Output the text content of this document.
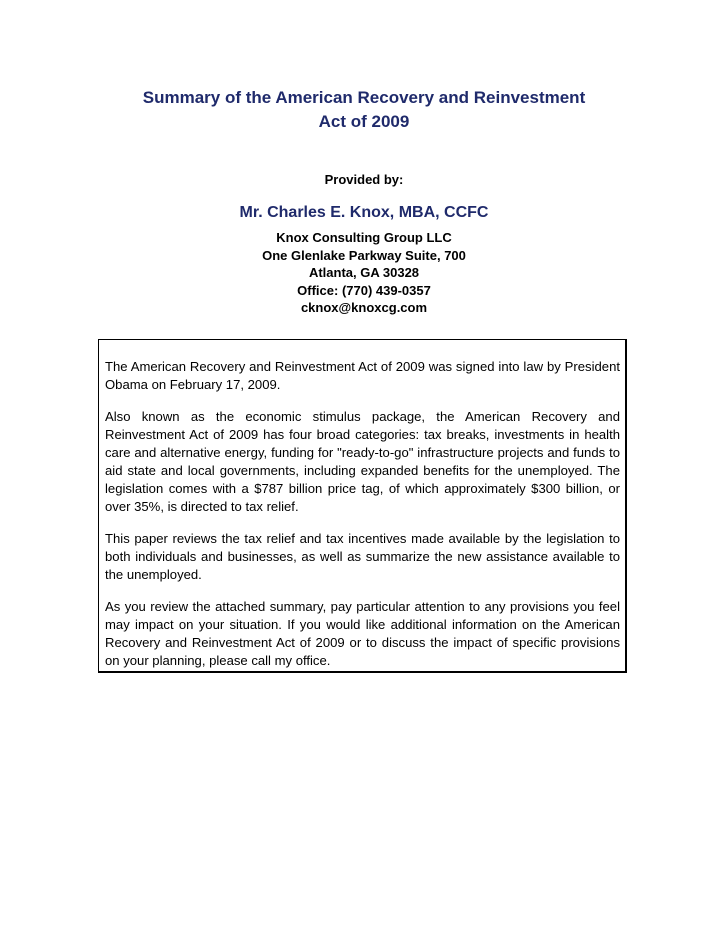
Summary of the American Recovery and Reinvestment
Act of 2009
Provided by:
Mr. Charles E. Knox, MBA, CCFC
Knox Consulting Group LLC
One Glenlake Parkway Suite, 700
Atlanta, GA 30328
Office: (770) 439-0357
cknox@knoxcg.com

The American Recovery and Reinvestment Act of 2009 was signed into law by President Obama on February 17, 2009.

Also known as the economic stimulus package, the American Recovery and Reinvestment Act of 2009 has four broad categories: tax breaks, investments in health care and alternative energy, funding for "ready-to-go" infrastructure projects and funds to aid state and local governments, including expanded benefits for the unemployed. The legislation comes with a $787 billion price tag, of which approximately $300 billion, or over 35%, is directed to tax relief.

This paper reviews the tax relief and tax incentives made available by the legislation to both individuals and businesses, as well as summarize the new assistance available to the unemployed.

As you review the attached summary, pay particular attention to any provisions you feel may impact on your situation. If you would like additional information on the American Recovery and Reinvestment Act of 2009 or to discuss the impact of specific provisions on your planning, please call my office.
